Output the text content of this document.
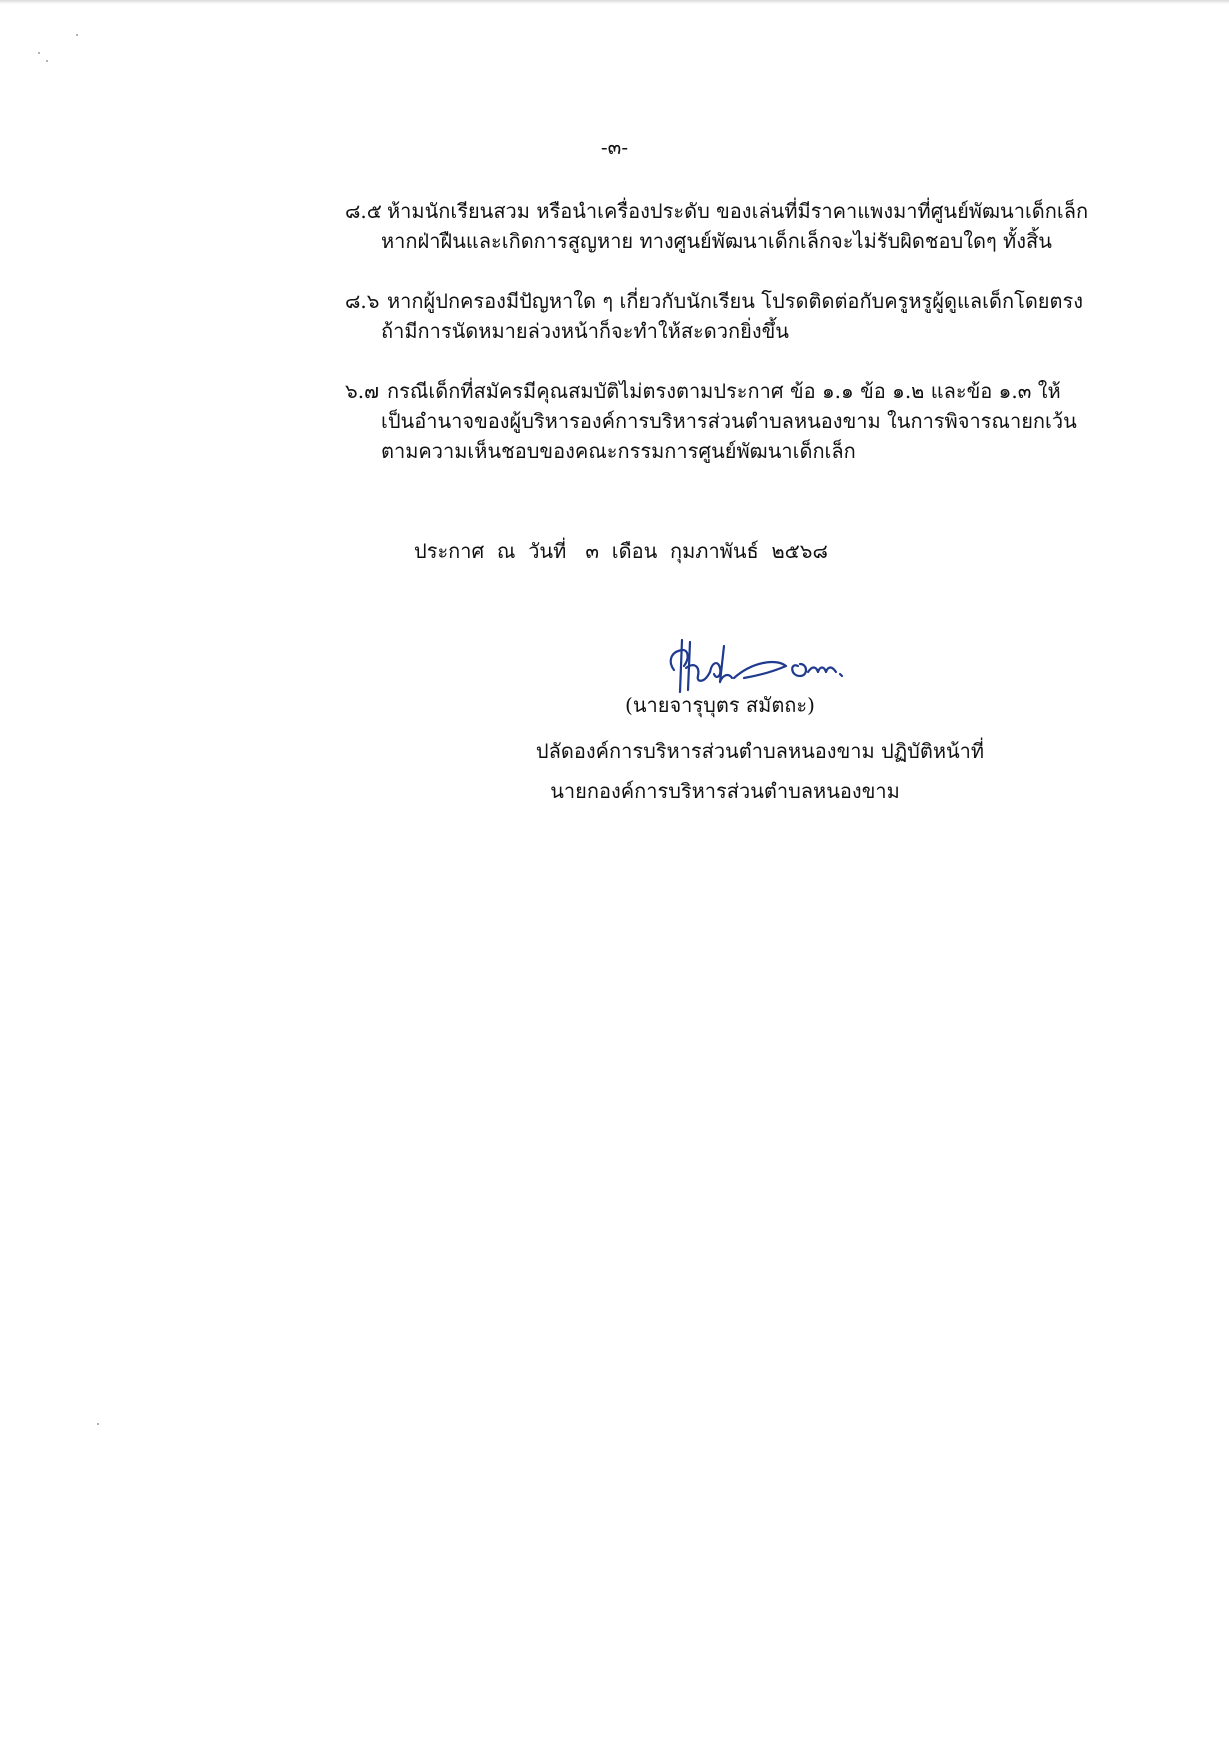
-๓-
๘.๕ ห้ามนักเรียนสวม หรือนำเครื่องประดับ ของเล่นที่มีราคาแพงมาที่ศูนย์พัฒนาเด็กเล็ก
หากฝ่าฝืนและเกิดการสูญหาย ทางศูนย์พัฒนาเด็กเล็กจะไม่รับผิดชอบใดๆ ทั้งสิ้น
๘.๖ หากผู้ปกครองมีปัญหาใด ๆ เกี่ยวกับนักเรียน โปรดติดต่อกับครูหรูผู้ดูแลเด็กโดยตรง
ถ้ามีการนัดหมายล่วงหน้าก็จะทำให้สะดวกยิ่งขึ้น
๖.๗ กรณีเด็กที่สมัครมีคุณสมบัติไม่ตรงตามประกาศ ข้อ ๑.๑ ข้อ ๑.๒ และข้อ ๑.๓ ให้
เป็นอำนาจของผู้บริหารองค์การบริหารส่วนตำบลหนองขาม ในการพิจารณายกเว้น
ตามความเห็นชอบของคณะกรรมการศูนย์พัฒนาเด็กเล็ก
ประกาศ  ณ  วันที่   ๓  เดือน  กุมภาพันธ์  ๒๕๖๘
(นายจารุบุตร สมัตถะ)
ปลัดองค์การบริหารส่วนตำบลหนองขาม ปฏิบัติหน้าที่
นายกองค์การบริหารส่วนตำบลหนองขาม
